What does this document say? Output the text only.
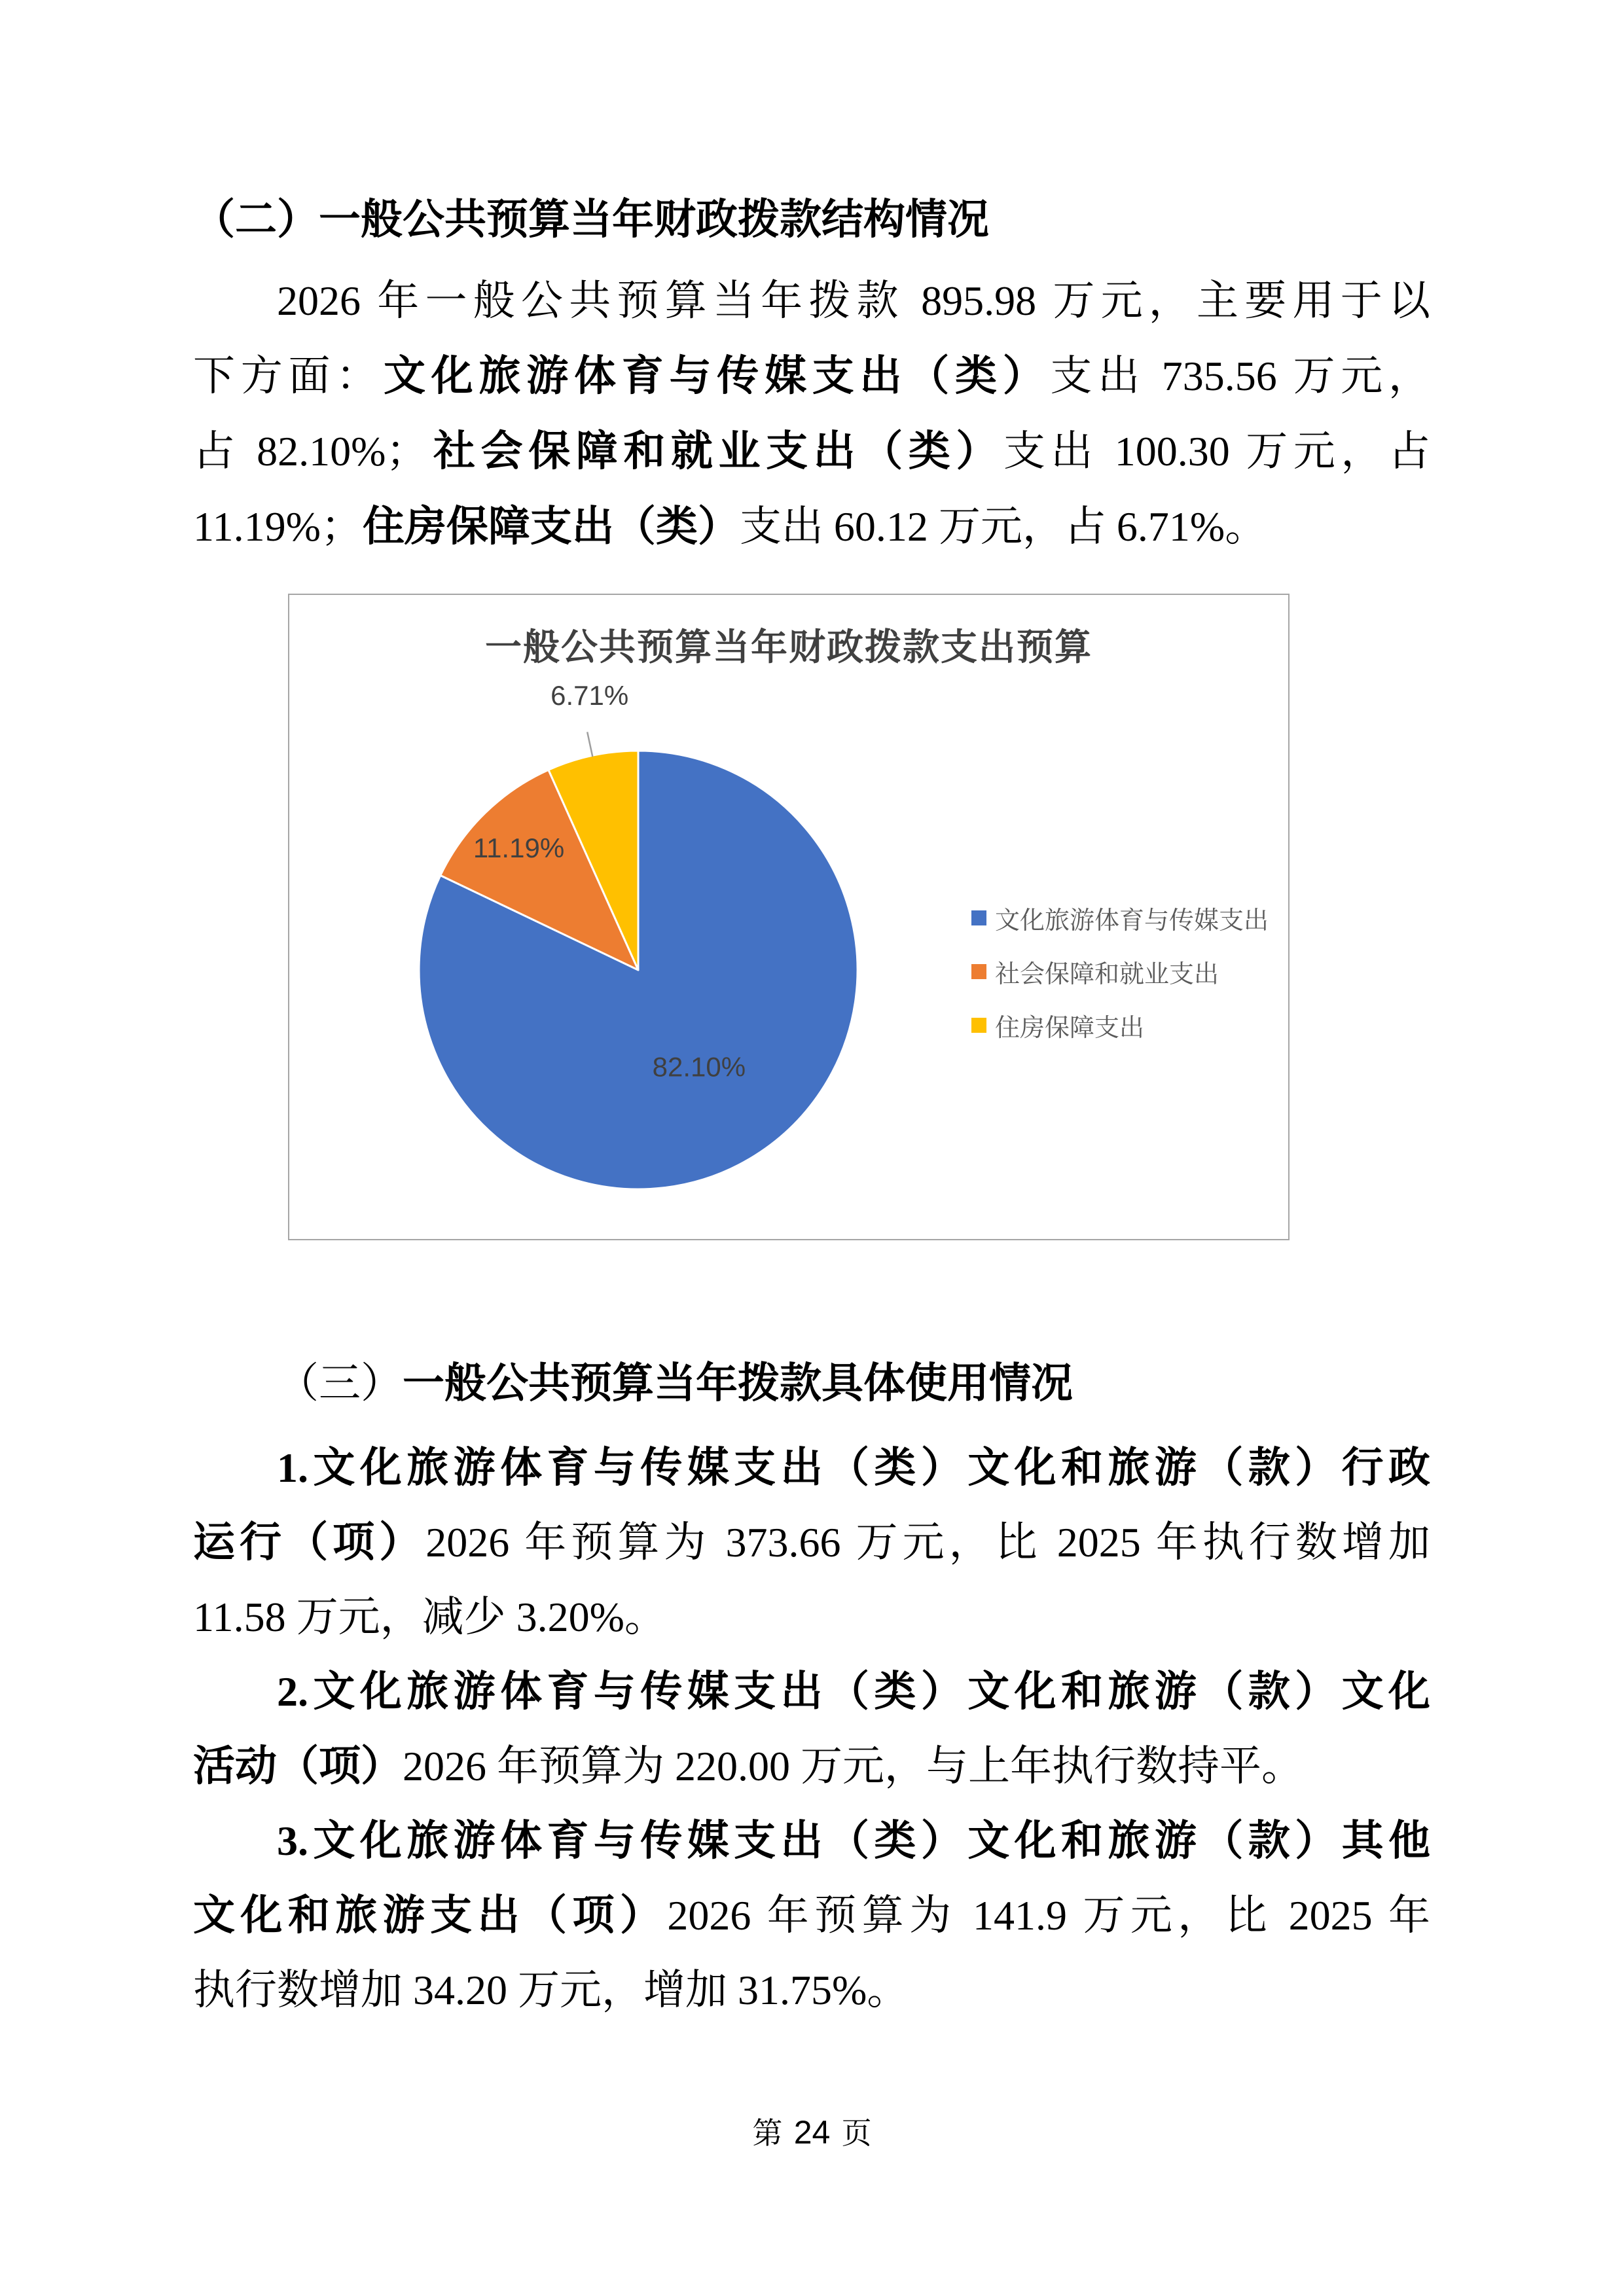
（二）一般公共预算当年财政拨款结构情况
2026 年一般公共预算当年拨款 895.98 万元，主要用于以
下方面：文化旅游体育与传媒支出（类）支出 735.56 万元，
占 82.10%；社会保障和就业支出（类）支出 100.30 万元，占
11.19%；住房保障支出（类）支出 60.12 万元，占 6.71%。
一般公共预算当年财政拨款支出预算
82.10%
11.19%
6.71%
文化旅游体育与传媒支出
社会保障和就业支出
住房保障支出
（三）一般公共预算当年拨款具体使用情况
1.文化旅游体育与传媒支出（类）文化和旅游（款）行政
运行（项）2026 年预算为 373.66 万元，比 2025 年执行数增加
11.58 万元，减少 3.20%。
2.文化旅游体育与传媒支出（类）文化和旅游（款）文化
活动（项）2026 年预算为 220.00 万元，与上年执行数持平。
3.文化旅游体育与传媒支出（类）文化和旅游（款）其他
文化和旅游支出（项）2026 年预算为 141.9 万元，比 2025 年
执行数增加 34.20 万元，增加 31.75%。
第 24 页
